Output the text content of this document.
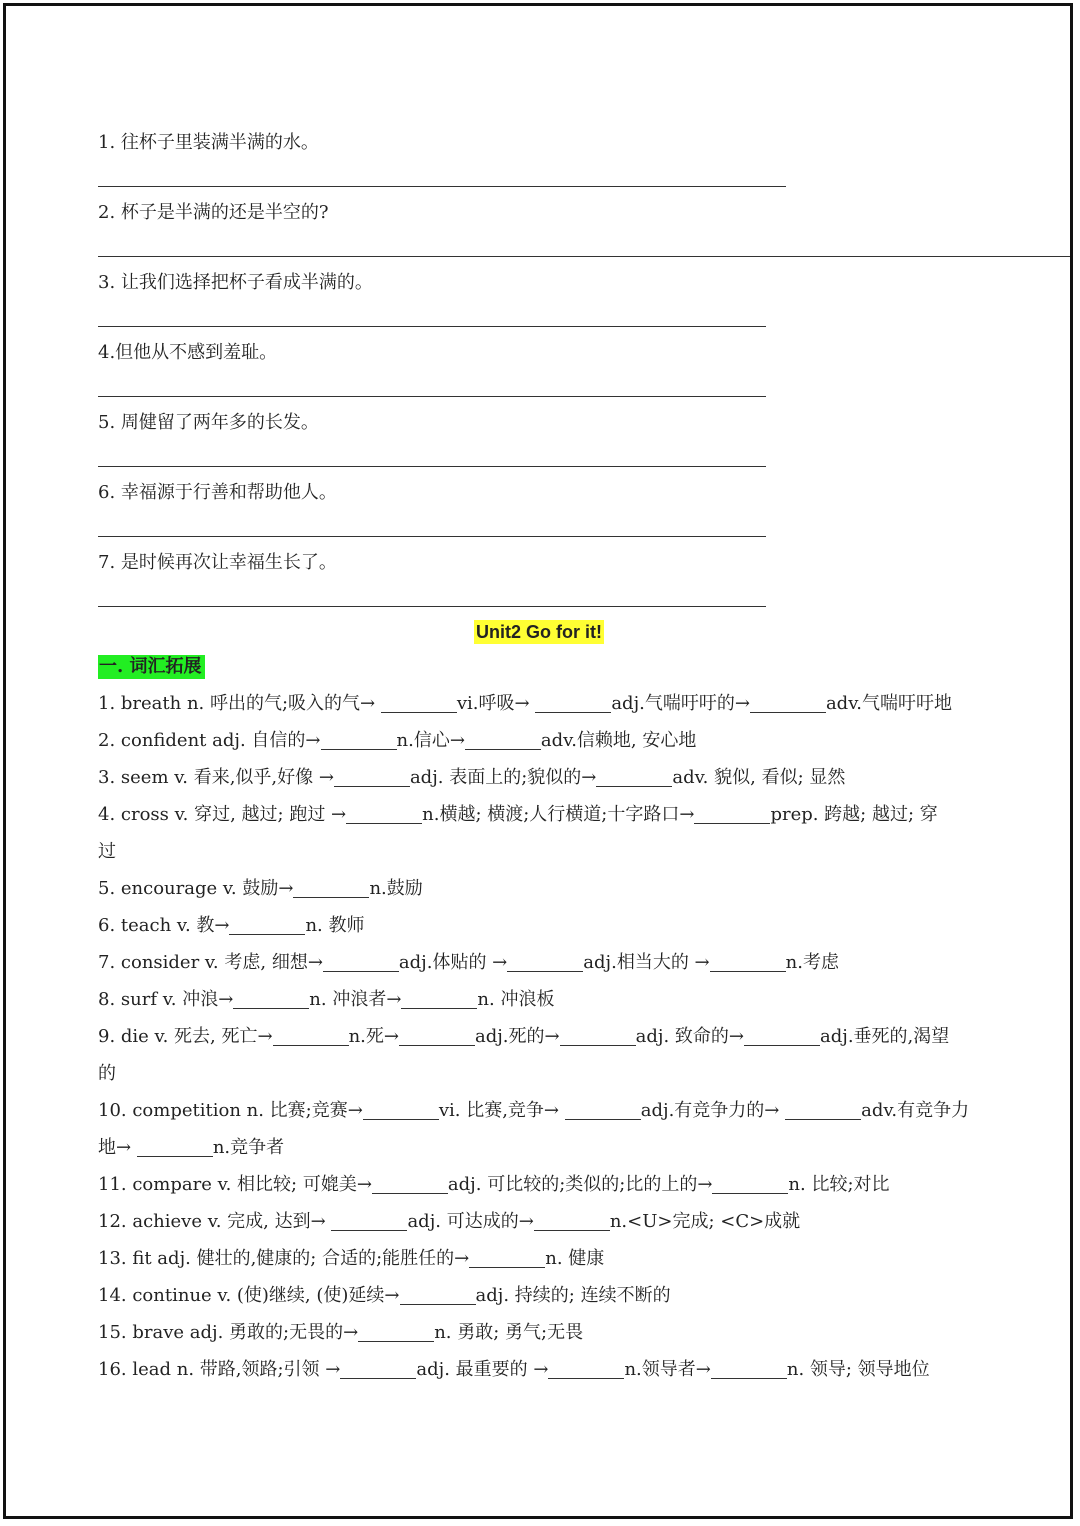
1. 往杯子里装满半满的水。
2. 杯子是半满的还是半空的?
3. 让我们选择把杯子看成半满的。
4.但他从不感到羞耻。
5. 周健留了两年多的长发。
6. 幸福源于行善和帮助他人。
7. 是时候再次让幸福生长了。
Unit2 Go for it!
一. 词汇拓展
1. breath n. 呼出的气;吸入的气→	vi.呼吸→	adj.气喘吁吁的→	adv.气喘吁吁地
2. confident adj. 自信的→	n.信心→	adv.信赖地, 安心地
3. seem v. 看来,似乎,好像 →	adj. 表面上的;貌似的→	adv. 貌似, 看似; 显然
4. cross v. 穿过, 越过; 跑过 →	n.横越; 横渡;人行横道;十字路口→	prep. 跨越; 越过; 穿
过
5. encourage v. 鼓励→	n.鼓励
6. teach v. 教→	n. 教师
7. consider v. 考虑, 细想→	adj.体贴的 →	adj.相当大的 →	n.考虑
8. surf v. 冲浪→	n. 冲浪者→	n. 冲浪板
9. die v. 死去, 死亡→	n.死→	adj.死的→	adj. 致命的→	adj.垂死的,渴望
的
10. competition n. 比赛;竞赛→	vi. 比赛,竞争→	adj.有竞争力的→	adv.有竞争力
地→	n.竞争者
11. compare v. 相比较; 可媲美→	adj. 可比较的;类似的;比的上的→	n. 比较;对比
12. achieve v. 完成, 达到→	adj. 可达成的→	n.<U>完成; <C>成就
13. fit adj. 健壮的,健康的; 合适的;能胜任的→	n. 健康
14. continue v. (使)继续, (使)延续→	adj. 持续的; 连续不断的
15. brave adj. 勇敢的;无畏的→	n. 勇敢; 勇气;无畏
16. lead n. 带路,领路;引领 →	adj. 最重要的 →	n.领导者→	n. 领导; 领导地位
